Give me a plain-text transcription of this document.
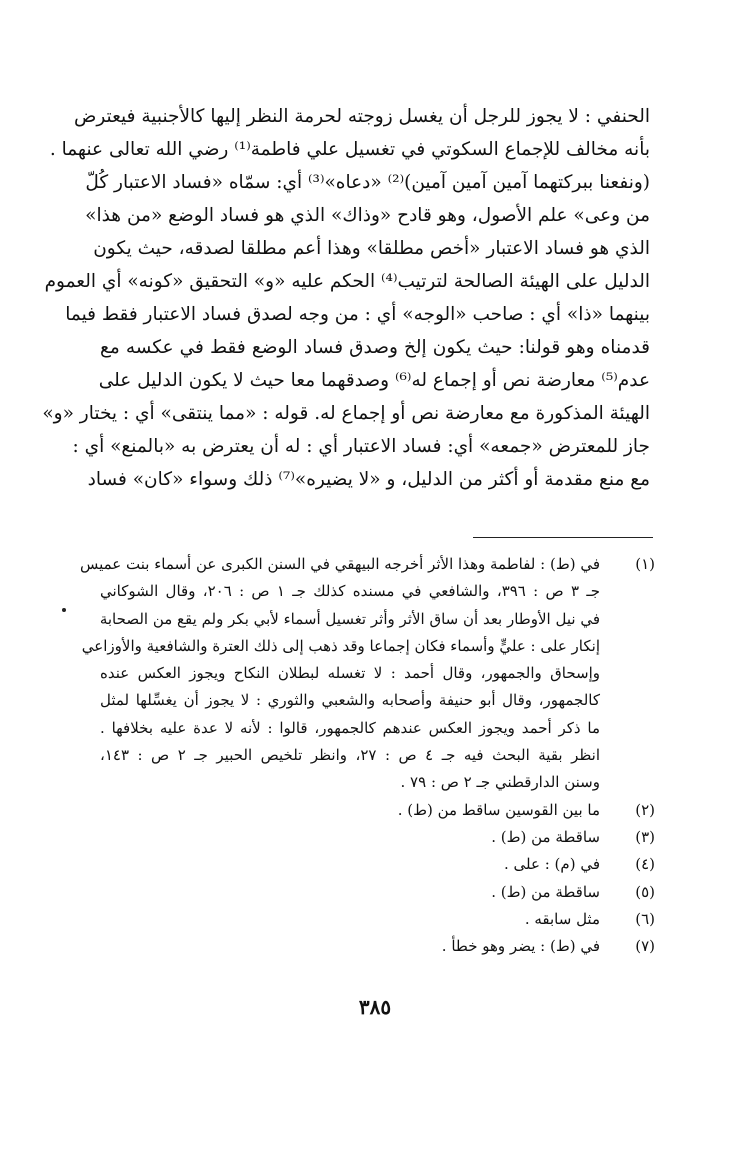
الحنفي : لا يجوز للرجل أن يغسل زوجته لحرمة النظر إليها كالأجنبية فيعترض
بأنه مخالف للإجماع السكوتي في تغسيل علي فاطمة⁽¹⁾ رضي الله تعالى عنهما .
(ونفعنا ببركتهما آمين آمين آمين)⁽²⁾ «دعاه»⁽³⁾ أي: سمّاه «فساد الاعتبار كُلّ
من وعى» علم الأصول، وهو قادح «وذاك» الذي هو فساد الوضع «من هذا»
الذي هو فساد الاعتبار «أخص مطلقا» وهذا أعم مطلقا لصدقه، حيث يكون
الدليل على الهيئة الصالحة لترتيب⁽⁴⁾ الحكم عليه «و» التحقيق «كونه» أي العموم
بينهما «ذا» أي : صاحب «الوجه» أي : من وجه لصدق فساد الاعتبار فقط فيما
قدمناه وهو قولنا: حيث يكون إلخ وصدق فساد الوضع فقط في عكسه مع
عدم⁽⁵⁾ معارضة نص أو إجماع له⁽⁶⁾ وصدقهما معا حيث لا يكون الدليل على
الهيئة المذكورة مع معارضة نص أو إجماع له. قوله : «مما ينتقى» أي : يختار «و»
جاز للمعترض «جمعه» أي: فساد الاعتبار أي : له أن يعترض به «بالمنع» أي :
مع منع مقدمة أو أكثر من الدليل، و «لا يضيره»⁽⁷⁾ ذلك وسواء «كان» فساد
(١)
في (ط) : لفاطمة وهذا الأثر أخرجه البيهقي في السنن الكبرى عن أسماء بنت عميس
جـ ٣ ص : ٣٩٦، والشافعي في مسنده كذلك جـ ١ ص : ٢٠٦، وقال الشوكاني
في نيل الأوطار بعد أن ساق الأثر وأثر تغسيل أسماء لأبي بكر ولم يقع من الصحابة
إنكار على : عليٍّ وأسماء فكان إجماعا وقد ذهب إلى ذلك العترة والشافعية والأوزاعي
وإسحاق والجمهور، وقال أحمد : لا تغسله لبطلان النكاح ويجوز العكس عنده
كالجمهور، وقال أبو حنيفة وأصحابه والشعبي والثوري : لا يجوز أن يغسِّلها لمثل
ما ذكر أحمد ويجوز العكس عندهم كالجمهور، قالوا : لأنه لا عدة عليه بخلافها .
انظر بقية البحث فيه جـ ٤ ص : ٢٧، وانظر تلخيص الحبير جـ ٢ ص : ١٤٣،
وسنن الدارقطني جـ ٢ ص : ٧٩ .
(٢)
ما بين القوسين ساقط من (ط) .
(٣)
ساقطة من (ط) .
(٤)
في (م) : على .
(٥)
ساقطة من (ط) .
(٦)
مثل سابقه .
(٧)
في (ط) : يضر وهو خطأ .
٣٨٥
